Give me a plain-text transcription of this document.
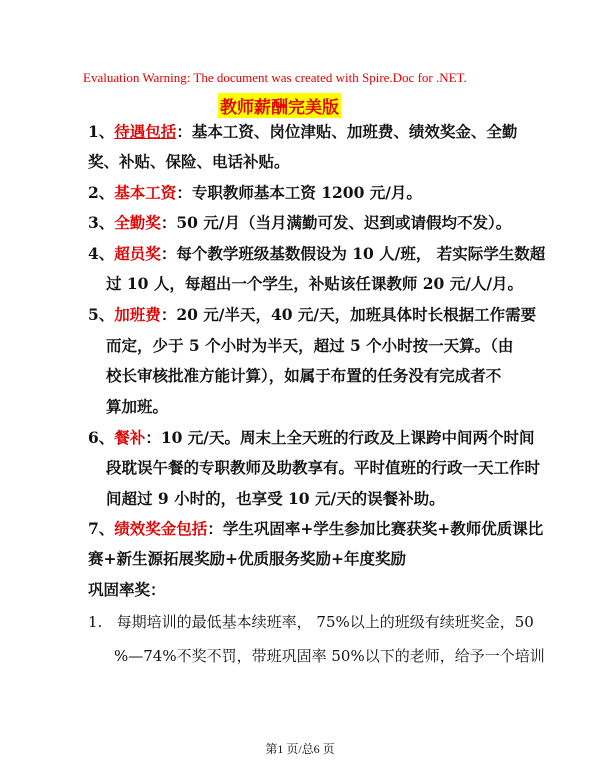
Evaluation Warning: The document was created with Spire.Doc for .NET.
教师薪酬完美版
1、待遇包括：基本工资、岗位津贴、加班费、绩效奖金、全勤
奖、补贴、保险、电话补贴。
2、基本工资：专职教师基本工资 1200 元/月。
3、全勤奖：50 元/月（当月满勤可发、迟到或请假均不发）。
4、超员奖：每个教学班级基数假设为 10 人/班， 若实际学生数超
过 10 人，每超出一个学生，补贴该任课教师 20 元/人/月。
5、加班费：20 元/半天，40 元/天，加班具体时长根据工作需要
而定，少于 5 个小时为半天，超过 5 个小时按一天算。（由
校长审核批准方能计算），如属于布置的任务没有完成者不
算加班。
6、餐补：10 元/天。周末上全天班的行政及上课跨中间两个时间
段耽误午餐的专职教师及助教享有。平时值班的行政一天工作时
间超过 9 小时的，也享受 10 元/天的误餐补助。
7、绩效奖金包括：学生巩固率+学生参加比赛获奖+教师优质课比
赛+新生源拓展奖励+优质服务奖励+年度奖励
巩固率奖：
1. 每期培训的最低基本续班率， 75%以上的班级有续班奖金，50
%—74%不奖不罚，带班巩固率 50%以下的老师，给予一个培训
第1 页/总6 页
